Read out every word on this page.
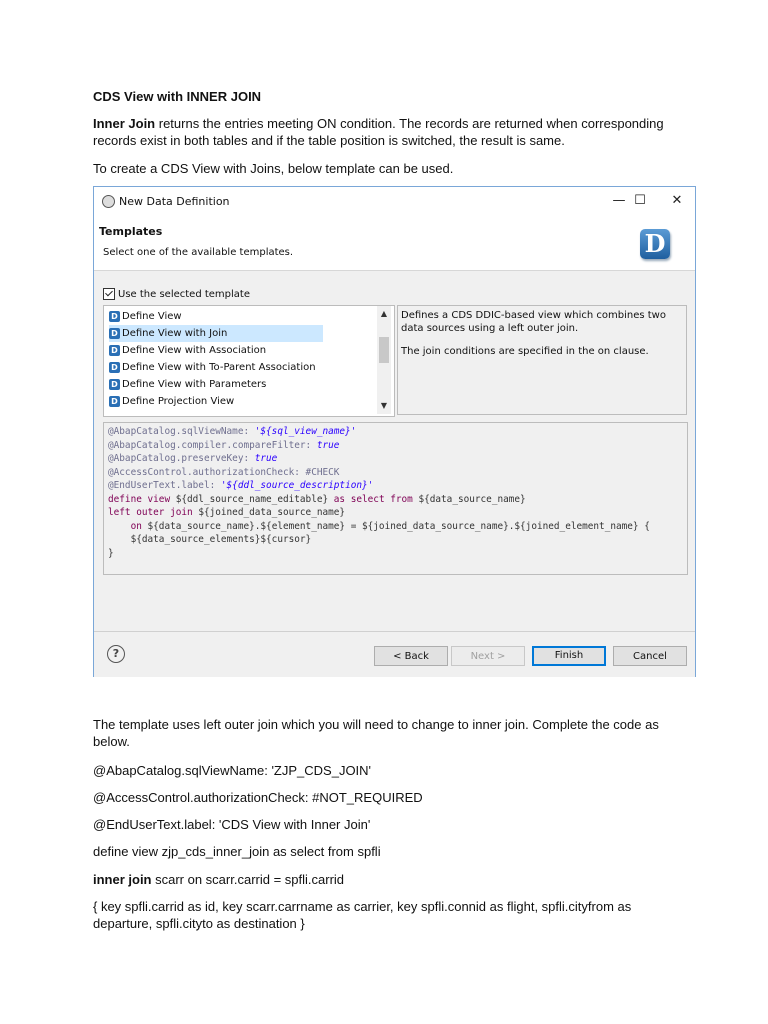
CDS View with INNER JOIN
Inner Join returns the entries meeting ON condition. The records are returned when corresponding records exist in both tables and if the table position is switched, the result is same.
To create a CDS View with Joins, below template can be used.
The template uses left outer join which you will need to change to inner join. Complete the code as below.
@AbapCatalog.sqlViewName: 'ZJP_CDS_JOIN'
@AccessControl.authorizationCheck: #NOT_REQUIRED
@EndUserText.label: 'CDS View with Inner Join'
define view zjp_cds_inner_join as select from spfli
inner join scarr on scarr.carrid = spfli.carrid
{ key spfli.carrid as id, key scarr.carrname as carrier, key spfli.connid as flight, spfli.cityfrom as departure, spfli.cityto as destination }
New Data Definition	— ☐	✕
Templates
Select one of the available templates.	D
Use the selected template
D Define View
D Define View with Join
D Define View with Association
D Define View with To-Parent Association
D Define View with Parameters
D Define Projection View
▲
▼
Defines a CDS DDIC-based view which combines two data sources using a left outer join.
The join conditions are specified in the on clause.
@AbapCatalog.sqlViewName: '${sql_view_name}'
@AbapCatalog.compiler.compareFilter: true
@AbapCatalog.preserveKey: true
@AccessControl.authorizationCheck: #CHECK
@EndUserText.label: '${ddl_source_description}'
define view ${ddl_source_name_editable} as select from ${data_source_name}
left outer join ${joined_data_source_name}
on ${data_source_name}.${element_name} = ${joined_data_source_name}.${joined_element_name} {
${data_source_elements}${cursor}
}
?	< Back	Next >	Finish	Cancel
